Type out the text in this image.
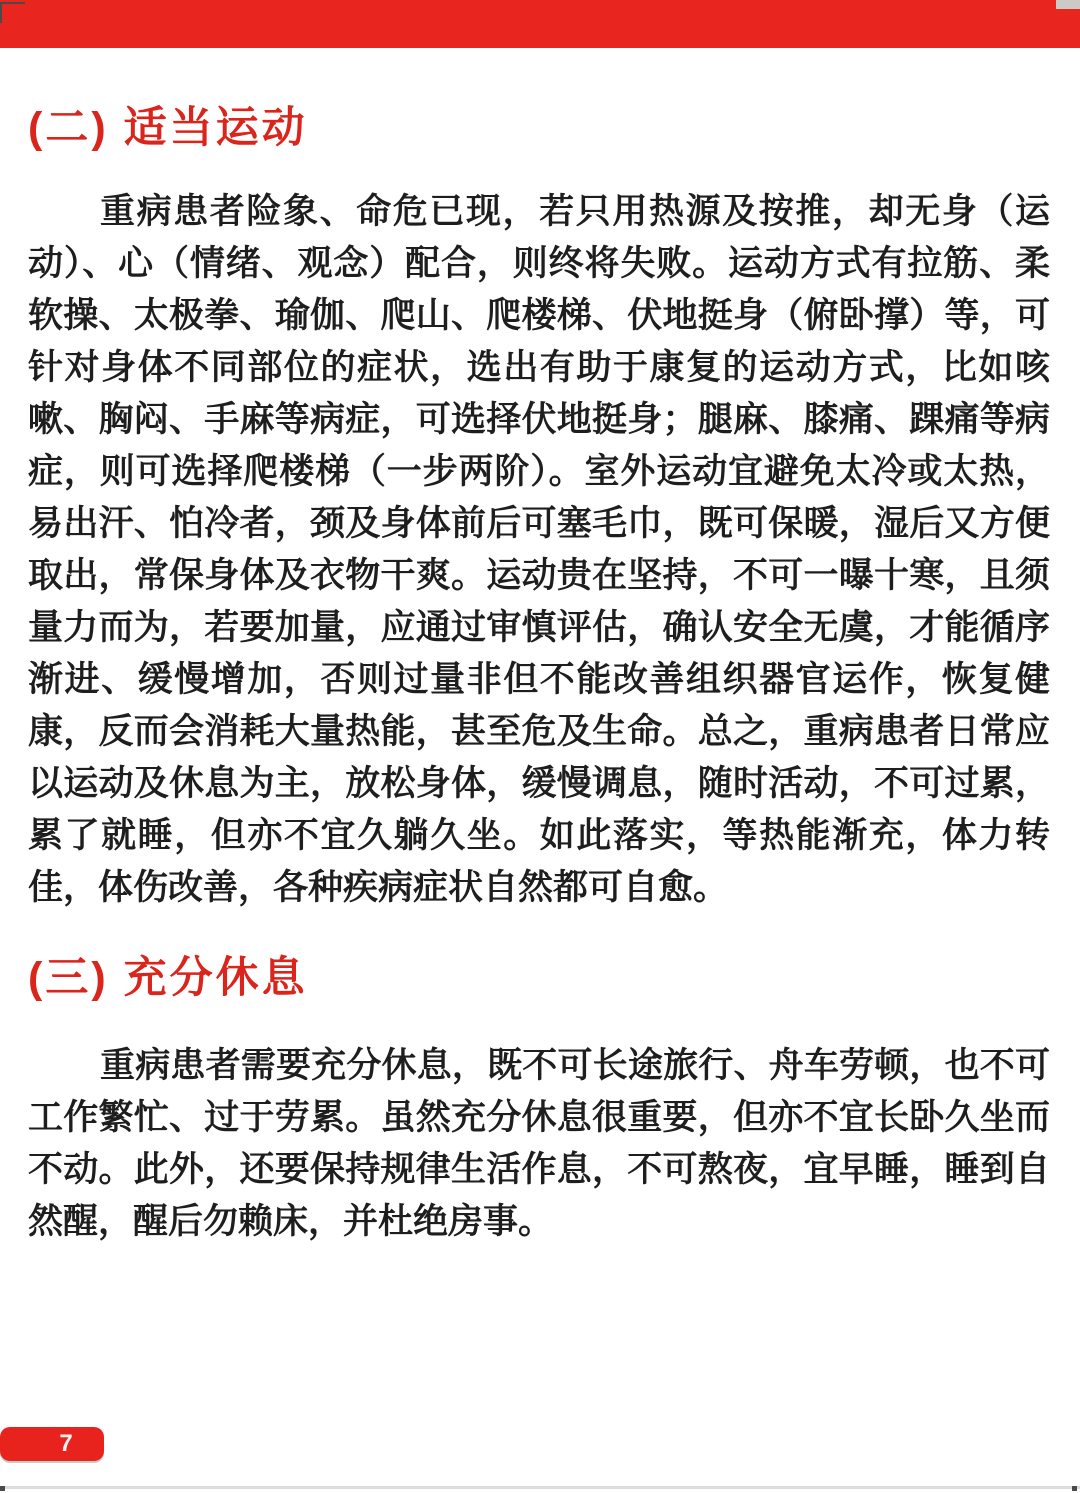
(二) 适当运动
重病患者险象、命危已现，若只用热源及按推，却无身（运
动）、心（情绪、观念）配合，则终将失败。运动方式有拉筋、柔
软操、太极拳、瑜伽、爬山、爬楼梯、伏地挺身（俯卧撑）等，可
针对身体不同部位的症状，选出有助于康复的运动方式，比如咳
嗽、胸闷、手麻等病症，可选择伏地挺身；腿麻、膝痛、踝痛等病
症，则可选择爬楼梯（一步两阶）。室外运动宜避免太冷或太热，
易出汗、怕冷者，颈及身体前后可塞毛巾，既可保暖，湿后又方便
取出，常保身体及衣物干爽。运动贵在坚持，不可一曝十寒，且须
量力而为，若要加量，应通过审慎评估，确认安全无虞，才能循序
渐进、缓慢增加，否则过量非但不能改善组织器官运作，恢复健
康，反而会消耗大量热能，甚至危及生命。总之，重病患者日常应
以运动及休息为主，放松身体，缓慢调息，随时活动，不可过累，
累了就睡，但亦不宜久躺久坐。如此落实，等热能渐充，体力转
佳，体伤改善，各种疾病症状自然都可自愈。
(三) 充分休息
重病患者需要充分休息，既不可长途旅行、舟车劳顿，也不可
工作繁忙、过于劳累。虽然充分休息很重要，但亦不宜长卧久坐而
不动。此外，还要保持规律生活作息，不可熬夜，宜早睡，睡到自
然醒，醒后勿赖床，并杜绝房事。
7
